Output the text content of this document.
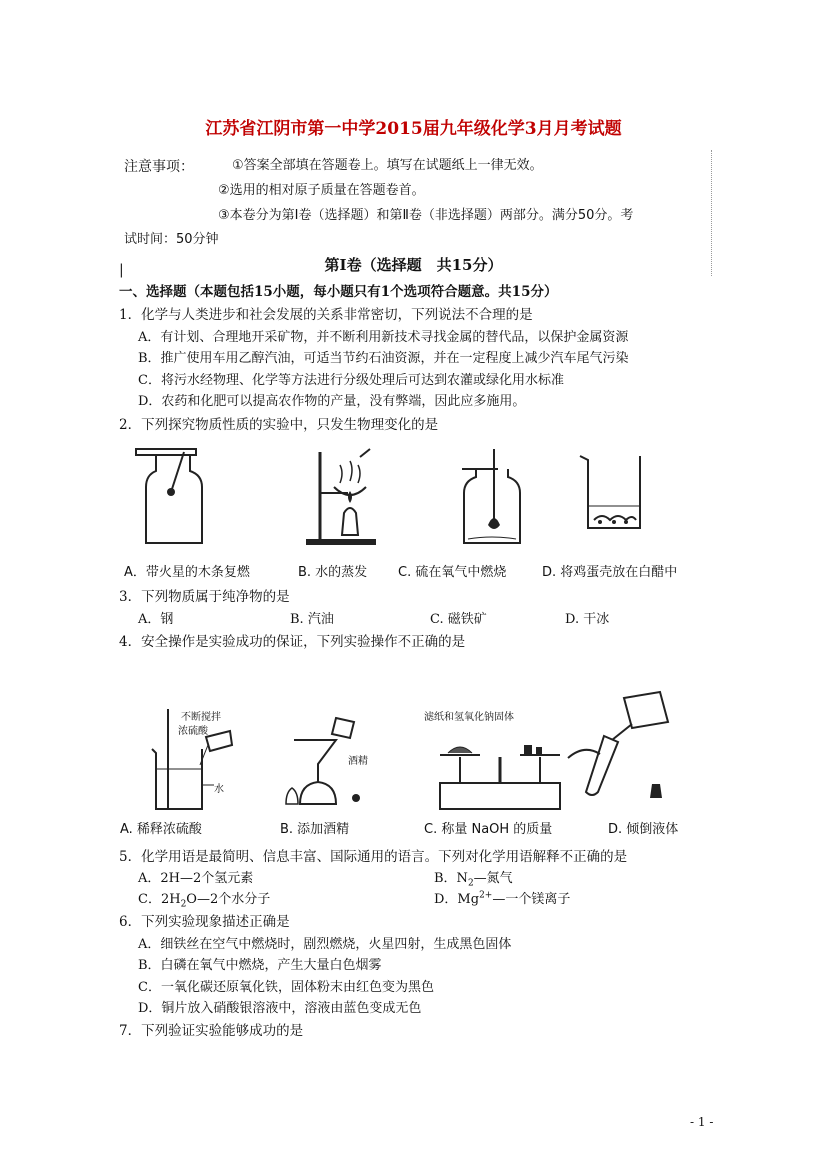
江苏省江阴市第一中学2015届九年级化学3月月考试题
注意事项：	①答案全部填在答题卷上。填写在试题纸上一律无效。
②选用的相对原子质量在答题卷首。
③本卷分为第Ⅰ卷（选择题）和第Ⅱ卷（非选择题）两部分。满分50分。考
试时间：50分钟
第Ⅰ卷（选择题　共15分）
|
一、选择题（本题包括15小题，每小题只有1个选项符合题意。共15分）
1．化学与人类进步和社会发展的关系非常密切，下列说法不合理的是
A．有计划、合理地开采矿物，并不断利用新技术寻找金属的替代品，以保护金属资源
B．推广使用车用乙醇汽油，可适当节约石油资源，并在一定程度上减少汽车尾气污染
C．将污水经物理、化学等方法进行分级处理后可达到农灌或绿化用水标准
D．农药和化肥可以提高农作物的产量，没有弊端，因此应多施用。
2．下列探究物质性质的实验中，只发生物理变化的是
A．带火星的木条复燃	B. 水的蒸发 C. 硫在氧气中燃烧	D. 将鸡蛋壳放在白醋中
3．下列物质属于纯净物的是
A．钢	B. 汽油	C. 磁铁矿	D. 干冰
4．安全操作是实验成功的保证，下列实验操作不正确的是
不断搅拌
浓硫酸
水
酒精
滤纸和氢氧化钠固体
A. 稀释浓硫酸	B. 添加酒精	C. 称量 NaOH 的质量	D. 倾倒液体
5．化学用语是最简明、信息丰富、国际通用的语言。下列对化学用语解释不正确的是
A．2H—2个氢元素	B．$N_2—$氮气
C．$2H_2O—2$个水分子	D．$Mg^{2+}—$一个镁离子
6．下列实验现象描述正确是
A．细铁丝在空气中燃烧时，剧烈燃烧，火星四射，生成黑色固体
B．白磷在氧气中燃烧，产生大量白色烟雾
C．一氧化碳还原氧化铁，固体粉末由红色变为黑色
D．铜片放入硝酸银溶液中，溶液由蓝色变成无色
7．下列验证实验能够成功的是
- 1 -
